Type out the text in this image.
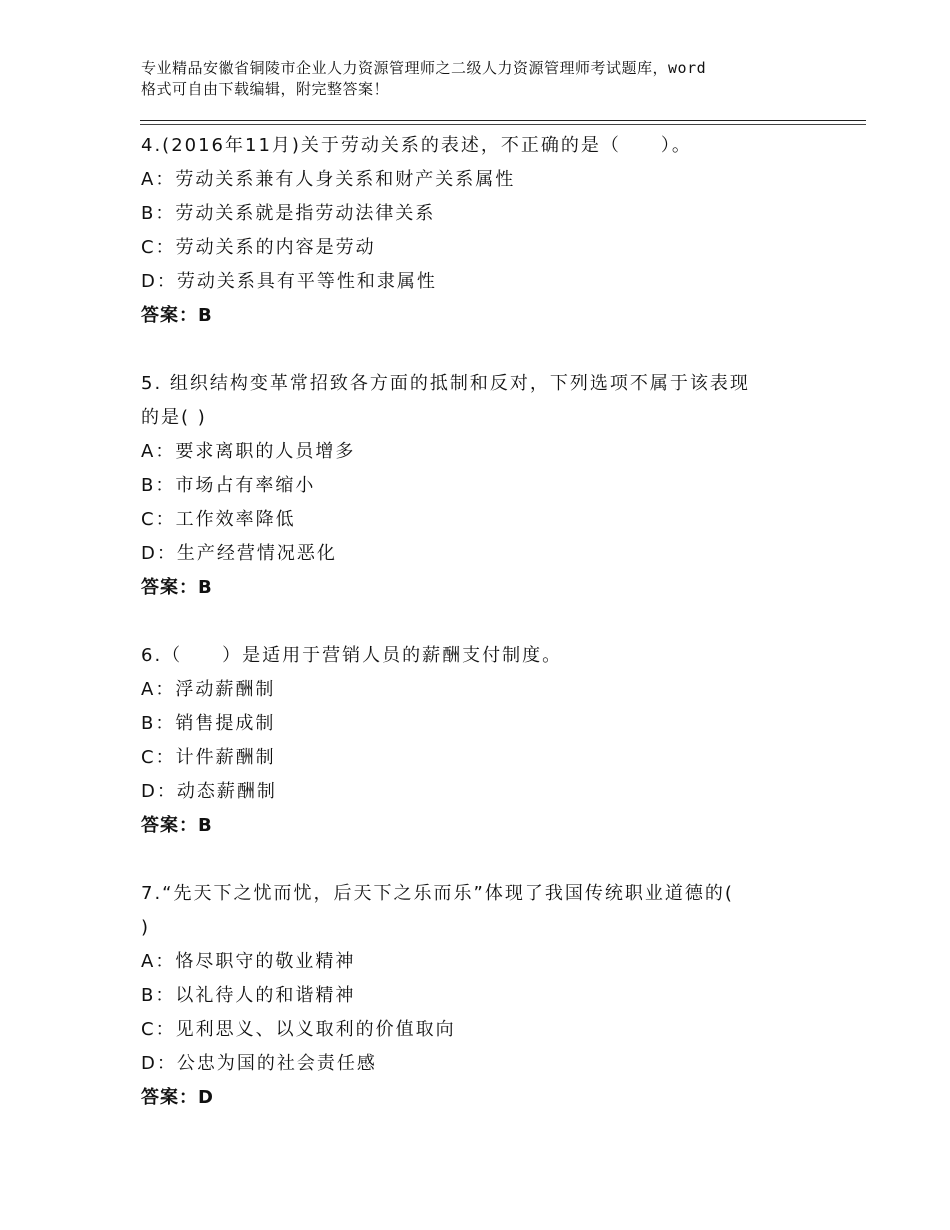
专业精品安徽省铜陵市企业人力资源管理师之二级人力资源管理师考试题库，word
格式可自由下载编辑，附完整答案！
4.(2016年11月)关于劳动关系的表述，不正确的是（　　）。
A：劳动关系兼有人身关系和财产关系属性
B：劳动关系就是指劳动法律关系
C：劳动关系的内容是劳动
D：劳动关系具有平等性和隶属性
答案：B
5. 组织结构变革常招致各方面的抵制和反对，下列选项不属于该表现
的是( )
A：要求离职的人员增多
B：市场占有率缩小
C：工作效率降低
D：生产经营情况恶化
答案：B
6.（　　）是适用于营销人员的薪酬支付制度。
A：浮动薪酬制
B：销售提成制
C：计件薪酬制
D：动态薪酬制
答案：B
7.“先天下之忧而忧，后天下之乐而乐”体现了我国传统职业道德的(
)
A：恪尽职守的敬业精神
B：以礼待人的和谐精神
C：见利思义、以义取利的价值取向
D：公忠为国的社会责任感
答案：D
